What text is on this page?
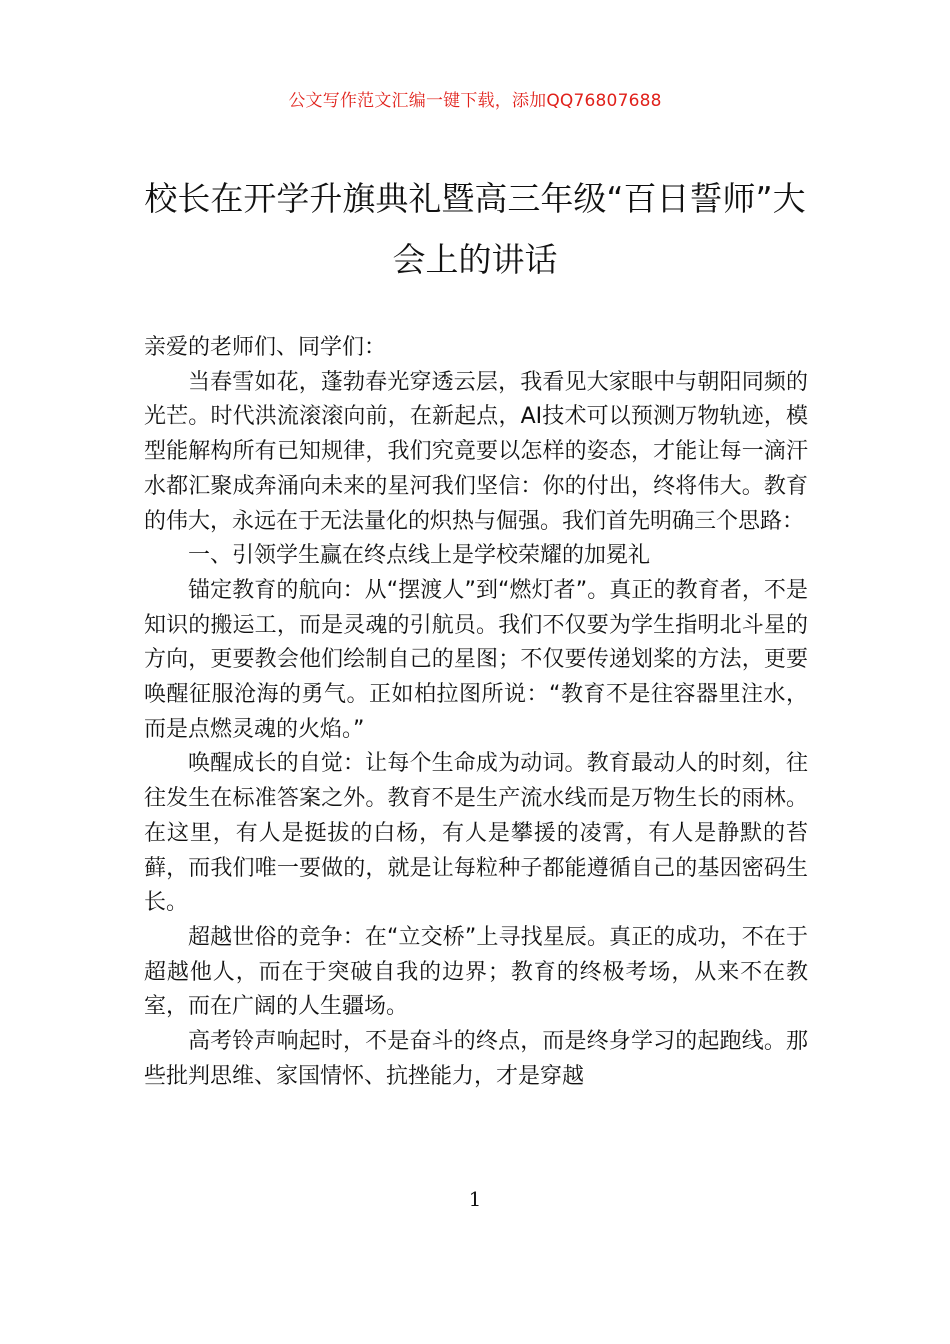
公文写作范文汇编一键下载，添加QQ76807688
校长在开学升旗典礼暨高三年级“百日誓师”大会上的讲话

亲爱的老师们、同学们：

当春雪如花，蓬勃春光穿透云层，我看见大家眼中与朝阳同频的光芒。时代洪流滚滚向前，在新起点，AI技术可以预测万物轨迹，模型能解构所有已知规律，我们究竟要以怎样的姿态，才能让每一滴汗水都汇聚成奔涌向未来的星河我们坚信：你的付出，终将伟大。教育的伟大，永远在于无法量化的炽热与倔强。我们首先明确三个思路：

一、引领学生赢在终点线上是学校荣耀的加冕礼

锚定教育的航向：从“摆渡人”到“燃灯者”。真正的教育者，不是知识的搬运工，而是灵魂的引航员。我们不仅要为学生指明北斗星的方向，更要教会他们绘制自己的星图；不仅要传递划桨的方法，更要唤醒征服沧海的勇气。正如柏拉图所说：“教育不是往容器里注水，而是点燃灵魂的火焰。”

唤醒成长的自觉：让每个生命成为动词。教育最动人的时刻，往往发生在标准答案之外。教育不是生产流水线而是万物生长的雨林。在这里，有人是挺拔的白杨，有人是攀援的凌霄，有人是静默的苔藓，而我们唯一要做的，就是让每粒种子都能遵循自己的基因密码生长。

超越世俗的竞争：在“立交桥”上寻找星辰。真正的成功，不在于超越他人，而在于突破自我的边界；教育的终极考场，从来不在教室，而在广阔的人生疆场。

高考铃声响起时，不是奋斗的终点，而是终身学习的起跑线。那些批判思维、家国情怀、抗挫能力，才是穿越

1
